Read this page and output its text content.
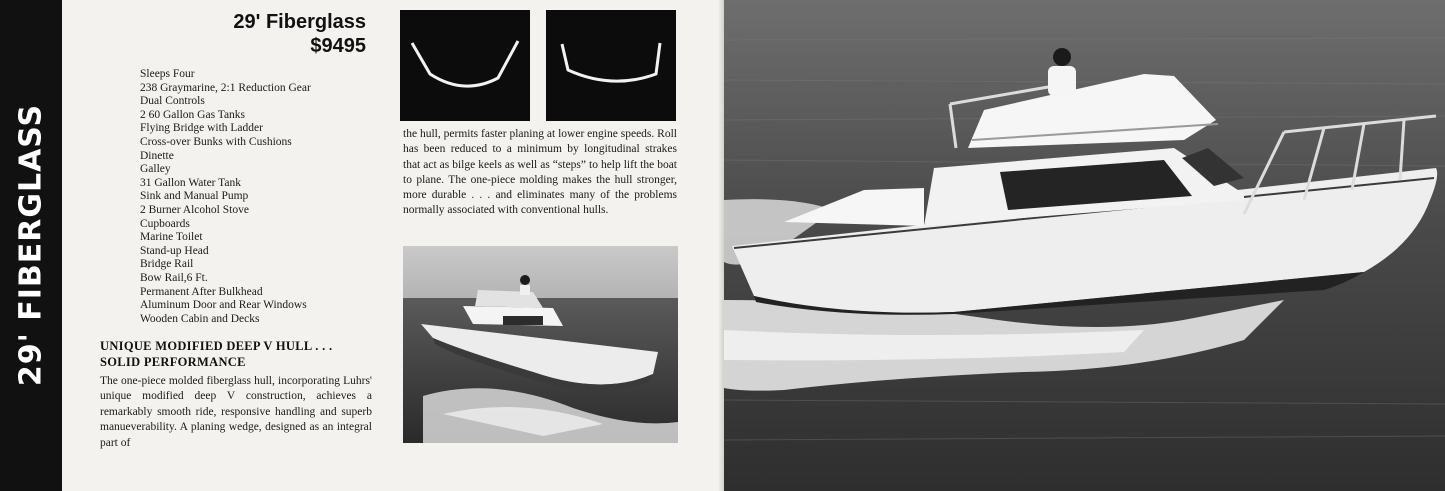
29' FIBERGLASS
29' Fiberglass
$9495
Sleeps Four
238 Graymarine, 2:1 Reduction Gear
Dual Controls
2 60 Gallon Gas Tanks
Flying Bridge with Ladder
Cross-over Bunks with Cushions
Dinette
Galley
31 Gallon Water Tank
Sink and Manual Pump
2 Burner Alcohol Stove
Cupboards
Marine Toilet
Stand-up Head
Bridge Rail
Bow Rail,6 Ft.
Permanent After Bulkhead
Aluminum Door and Rear Windows
Wooden Cabin and Decks
UNIQUE MODIFIED DEEP V HULL . . .
SOLID PERFORMANCE

The one-piece molded fiberglass hull, incorporating Luhrs' unique modified deep V construction, achieves a remarkably smooth ride, responsive handling and superb manueverability. A planing wedge, designed as an integral part of

the hull, permits faster planing at lower engine speeds. Roll has been reduced to a minimum by longitudinal strakes that act as bilge keels as well as “steps” to help lift the boat to plane. The one-piece molding makes the hull stronger, more durable . . . and eliminates many of the problems normally associated with conventional hulls.
